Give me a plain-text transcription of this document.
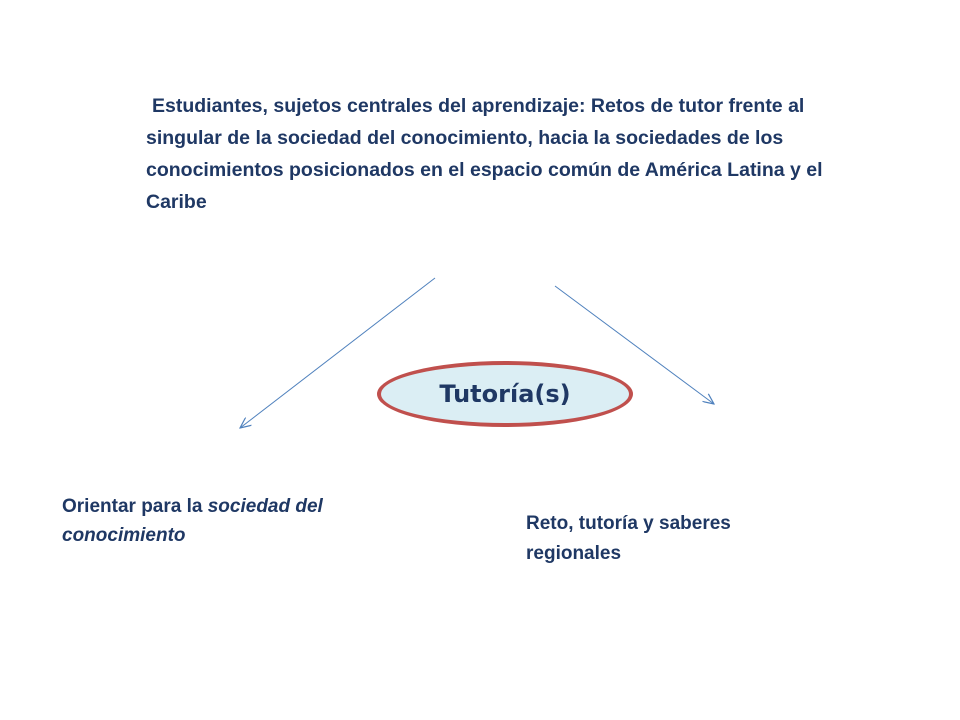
Estudiantes, sujetos centrales del aprendizaje: Retos de tutor frente al singular de la sociedad del conocimiento, hacia la sociedades de los conocimientos posicionados en el espacio común de América Latina y el Caribe

Tutoría(s)

Orientar para la sociedad del conocimiento

Reto, tutoría y saberes regionales
